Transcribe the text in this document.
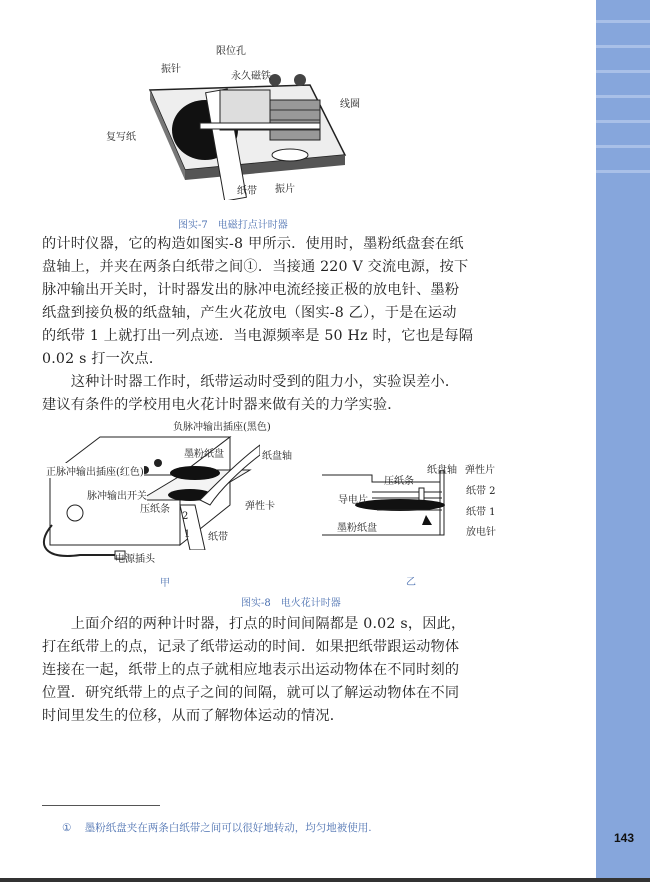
143
限位孔
振针
永久磁铁
线圈
复写纸
纸带 振片
图实-7　电磁打点计时器
的计时仪器，它的构造如图实-8 甲所示．使用时，墨粉纸盘套在纸
盘轴上，并夹在两条白纸带之间①．当接通 220 V 交流电源，按下
脉冲输出开关时，计时器发出的脉冲电流经接正极的放电针、墨粉
纸盘到接负极的纸盘轴，产生火花放电（图实-8 乙），于是在运动
的纸带 1 上就打出一列点迹．当电源频率是 50 Hz 时，它也是每隔
0.02 s 打一次点．
　　这种计时器工作时，纸带运动时受到的阻力小，实验误差小．
建议有条件的学校用电火花计时器来做有关的力学实验．
负脉冲输出插座(黑色)
墨粉纸盘	纸盘轴
正脉冲输出插座(红色)
脉冲输出开关
压纸条	弹性卡
2
1 纸带
电源插头
甲
压纸条
纸盘轴 弹性片
导电片
纸带 2
纸带 1
墨粉纸盘	放电针
乙
图实-8　电火花计时器
　　上面介绍的两种计时器，打点的时间间隔都是 0.02 s，因此，
打在纸带上的点，记录了纸带运动的时间．如果把纸带跟运动物体
连接在一起，纸带上的点子就相应地表示出运动物体在不同时刻的
位置．研究纸带上的点子之间的间隔，就可以了解运动物体在不同
时间里发生的位移，从而了解物体运动的情况．
① 墨粉纸盘夹在两条白纸带之间可以很好地转动，均匀地被使用.
